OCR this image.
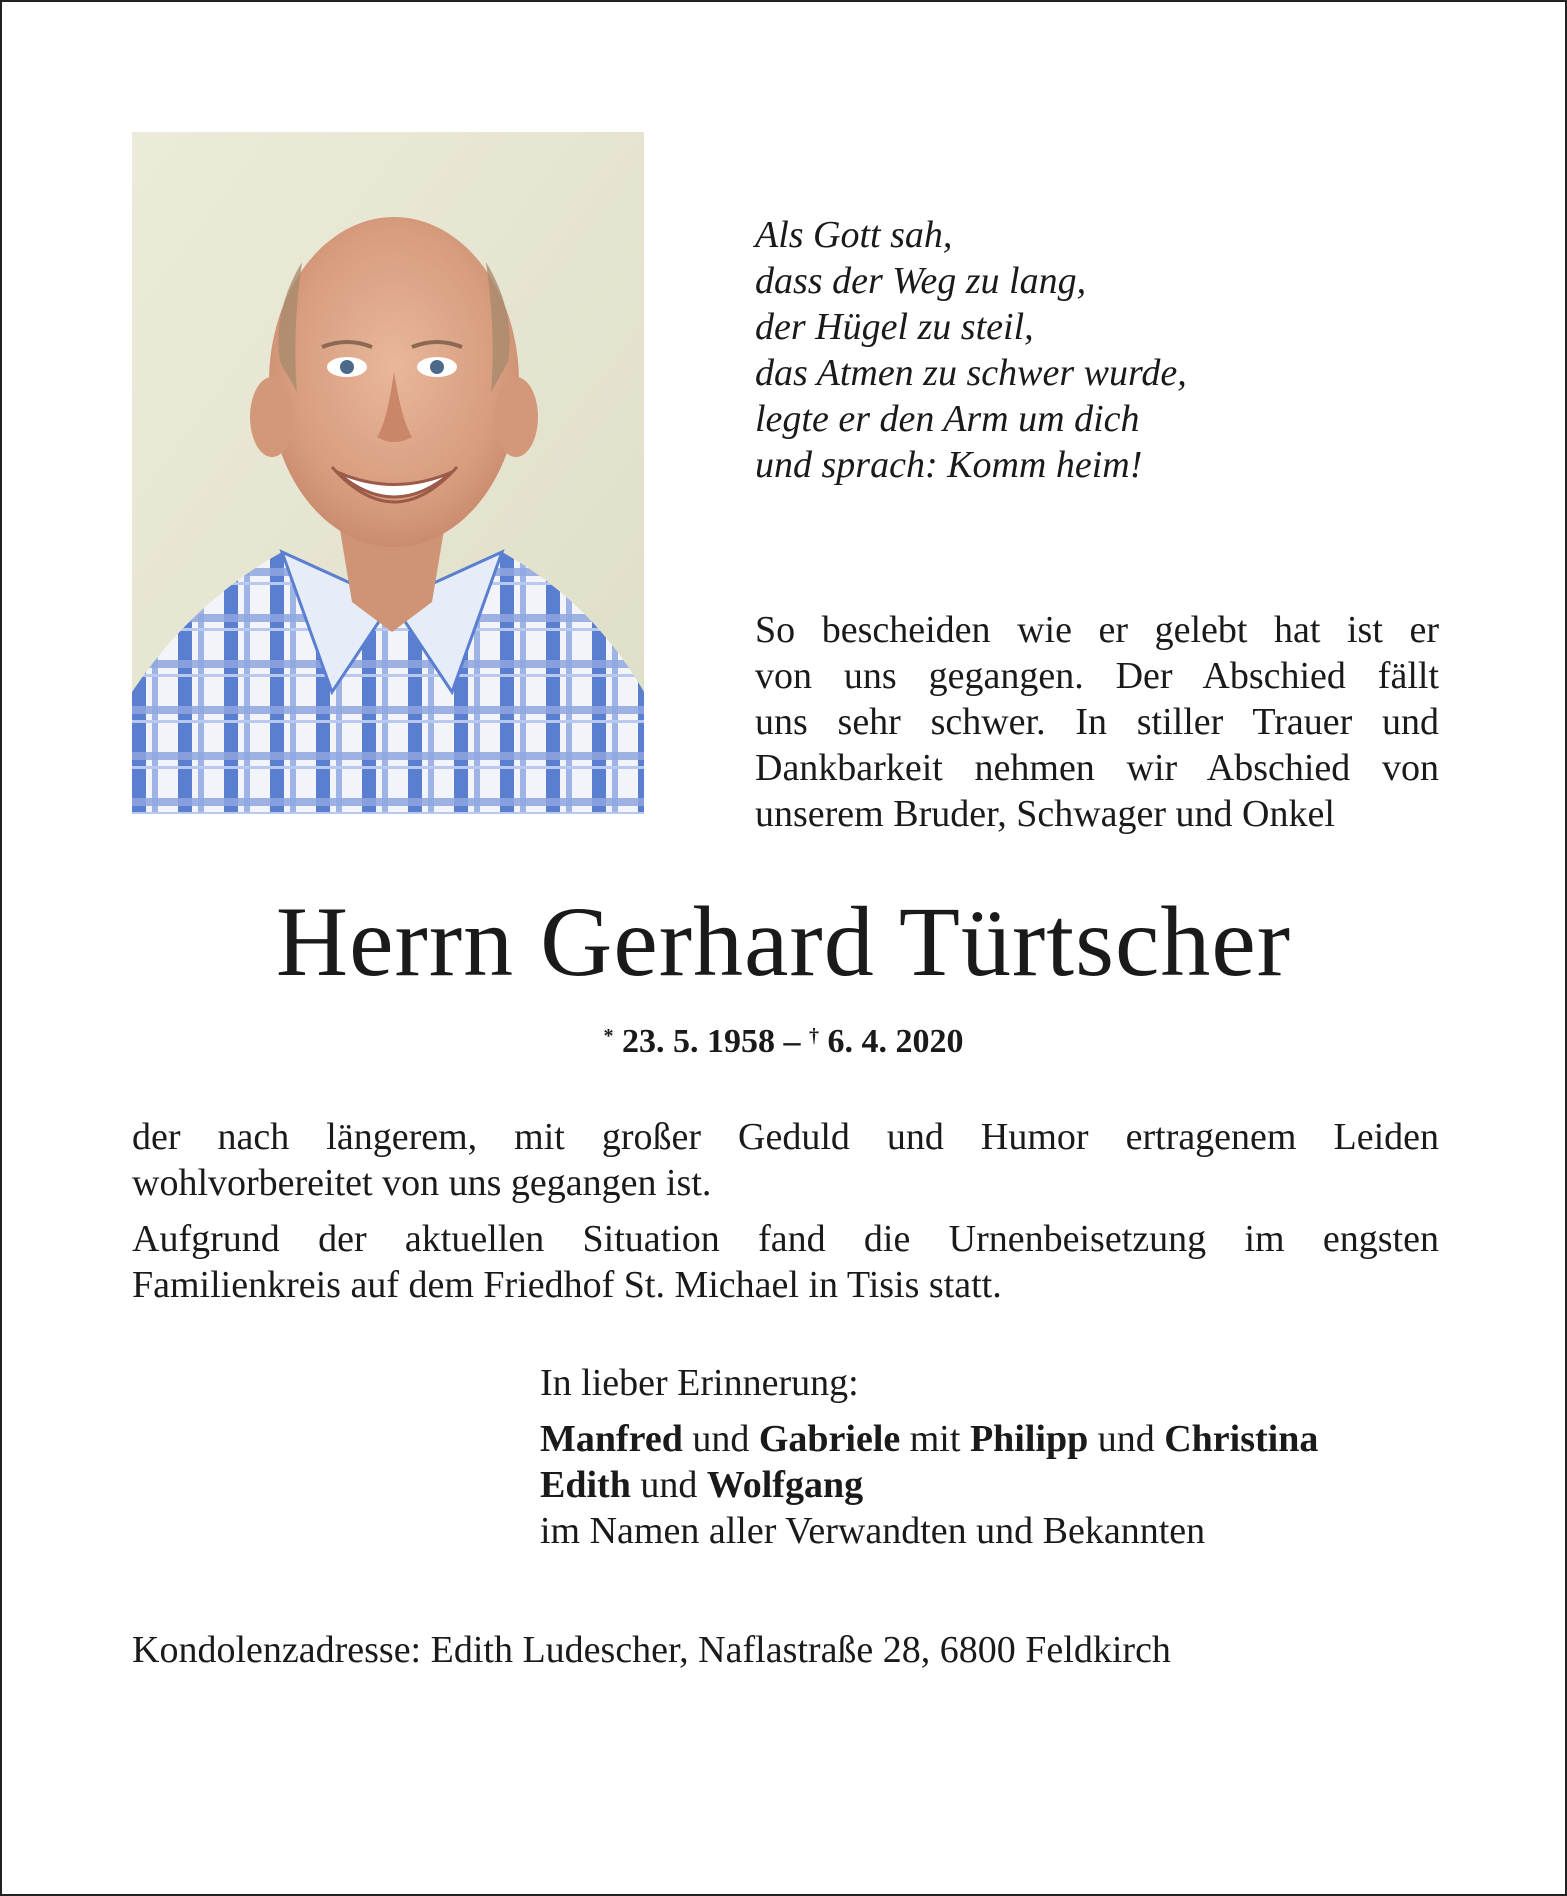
Als Gott sah,
dass der Weg zu lang,
der Hügel zu steil,
das Atmen zu schwer wurde,
legte er den Arm um dich
und sprach: Komm heim!
So bescheiden wie er gelebt hat ist er
von uns gegangen. Der Abschied fällt
uns sehr schwer. In stiller Trauer und
Dankbarkeit nehmen wir Abschied von
unserem Bruder, Schwager und Onkel
Herrn Gerhard Türtscher
* 23. 5. 1958 – † 6. 4. 2020
der nach längerem, mit großer Geduld und Humor ertragenem Leiden
wohlvorbereitet von uns gegangen ist.
Aufgrund der aktuellen Situation fand die Urnenbeisetzung im engsten
Familienkreis auf dem Friedhof St. Michael in Tisis statt.
In lieber Erinnerung:
Manfred und Gabriele mit Philipp und Christina
Edith und Wolfgang
im Namen aller Verwandten und Bekannten
Kondolenzadresse: Edith Ludescher, Naflastraße 28, 6800 Feldkirch
